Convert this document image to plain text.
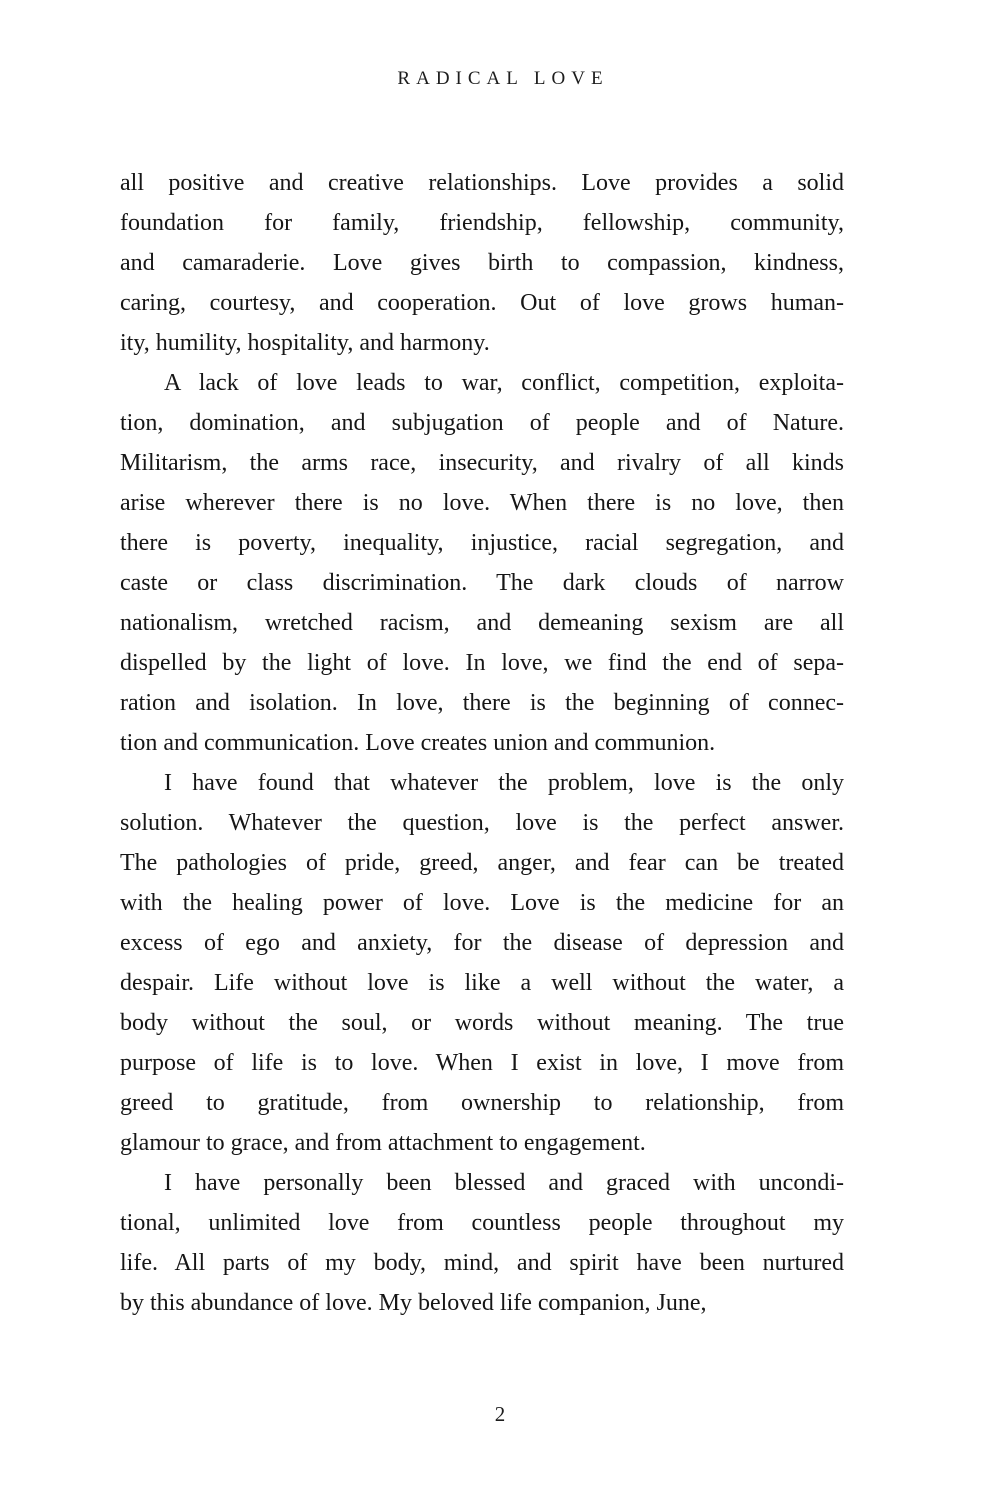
RADICAL LOVE
all positive and creative relationships. Love provides a solid
foundation for family, friendship, fellowship, community,
and camaraderie. Love gives birth to compassion, kindness,
caring, courtesy, and cooperation. Out of love grows human-
ity, humility, hospitality, and harmony.
A lack of love leads to war, conflict, competition, exploita-
tion, domination, and subjugation of people and of Nature.
Militarism, the arms race, insecurity, and rivalry of all kinds
arise wherever there is no love. When there is no love, then
there is poverty, inequality, injustice, racial segregation, and
caste or class discrimination. The dark clouds of narrow
nationalism, wretched racism, and demeaning sexism are all
dispelled by the light of love. In love, we find the end of sepa-
ration and isolation. In love, there is the beginning of connec-
tion and communication. Love creates union and communion.
I have found that whatever the problem, love is the only
solution. Whatever the question, love is the perfect answer.
The pathologies of pride, greed, anger, and fear can be treated
with the healing power of love. Love is the medicine for an
excess of ego and anxiety, for the disease of depression and
despair. Life without love is like a well without the water, a
body without the soul, or words without meaning. The true
purpose of life is to love. When I exist in love, I move from
greed to gratitude, from ownership to relationship, from
glamour to grace, and from attachment to engagement.
I have personally been blessed and graced with uncondi-
tional, unlimited love from countless people throughout my
life. All parts of my body, mind, and spirit have been nurtured
by this abundance of love. My beloved life companion, June,
2
